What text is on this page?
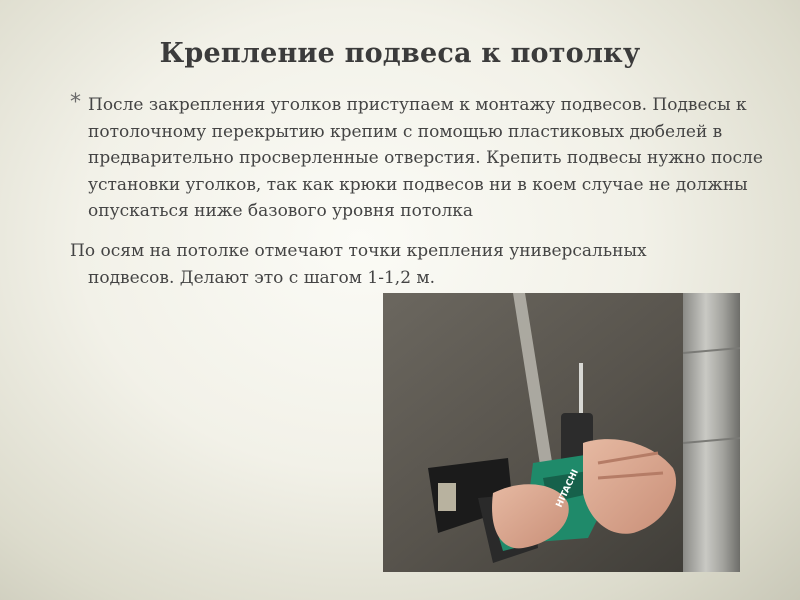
Крепление подвеса к потолку
* После закрепления уголков приступаем к монтажу подвесов. Подвесы к потолочному перекрытию крепим с помощью пластиковых дюбелей в предварительно просверленные отверстия. Крепить подвесы нужно после установки уголков, так как крюки подвесов ни в коем случае не должны опускаться ниже базового уровня потолка
По осям на потолке отмечают точки крепления универсальных
подвесов. Делают это с шагом 1-1,2 м.
HITACHI
